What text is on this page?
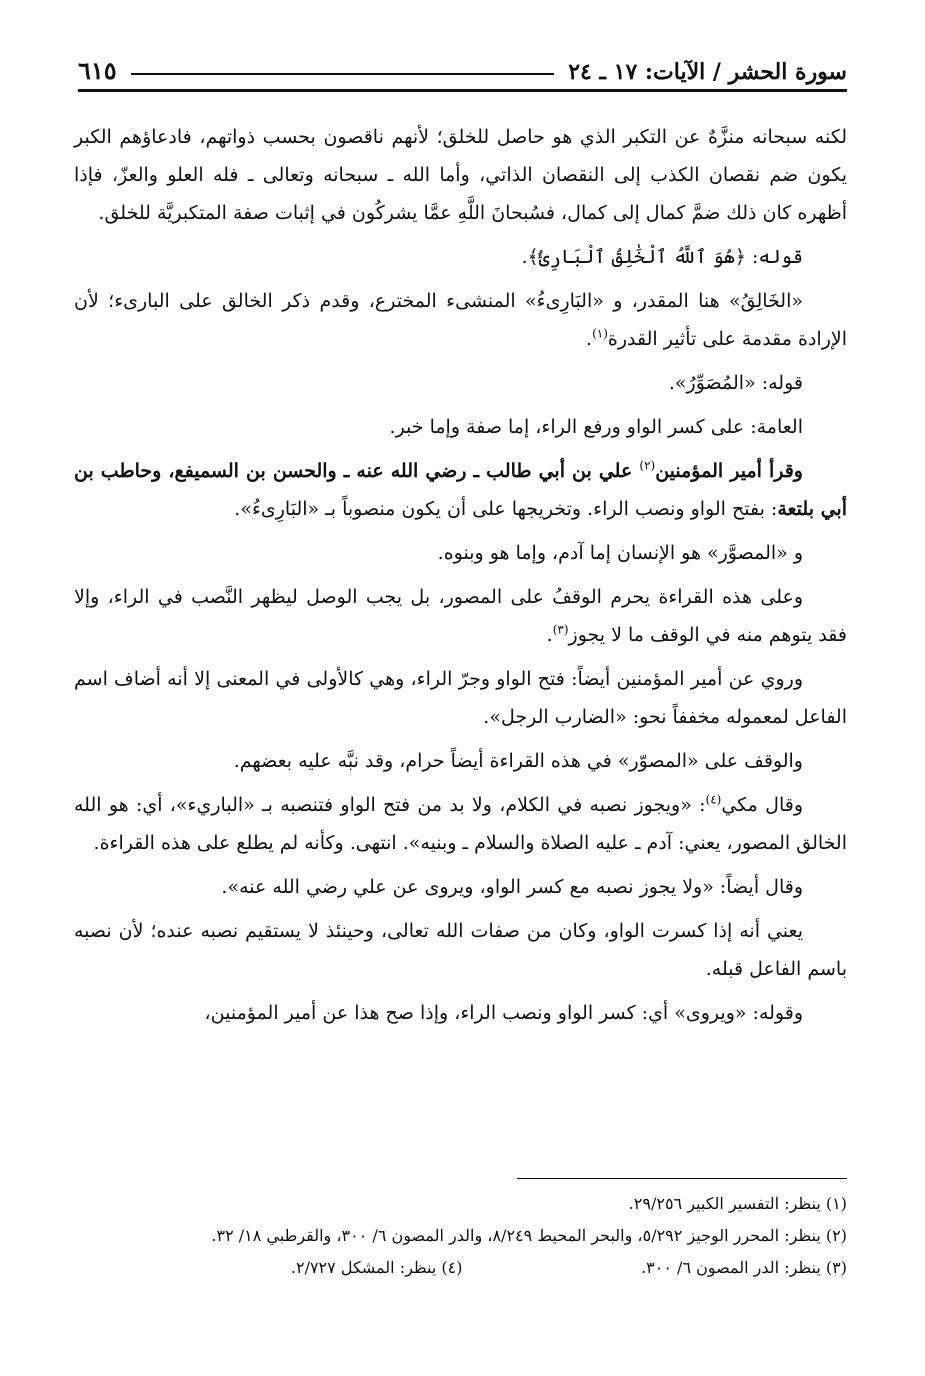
سورة الحشر / الآيات: ١٧ ـ ٢٤
٦١٥

لكنه سبحانه منزَّهٌ عن التكبر الذي هو حاصل للخلق؛ لأنهم ناقصون بحسب ذواتهم، فادعاؤهم الكبر يكون ضم نقصان الكذب إلى النقصان الذاتي، وأما الله ـ سبحانه وتعالى ـ فله العلو والعزّ، فإذا أظهره كان ذلك ضمَّ كمال إلى كمال، فسُبحانَ اللَّهِ عمَّا يشركُون في إثبات صفة المتكبريَّة للخلق.

قوله: ﴿هُوَ ٱللَّهُ ٱلْخَٰلِقُ ٱلْبَارِئُ﴾.

«الخَالِقُ» هنا المقدر، و «البَارِىءُ» المنشىء المخترع، وقدم ذكر الخالق على البارىء؛ لأن الإرادة مقدمة على تأثير القدرة$^{(١)}$.

قوله: «المُصَوِّرُ».

العامة: على كسر الواو ورفع الراء، إما صفة وإما خبر.

وقرأ أمير المؤمنين$^{(٢)}$ علي بن أبي طالب ـ رضي الله عنه ـ والحسن بن السميفع، وحاطب بن أبي بلتعة: بفتح الواو ونصب الراء. وتخريجها على أن يكون منصوباً بـ «البَارِىءُ».

و «المصوَّر» هو الإنسان إما آدم، وإما هو وبنوه.

وعلى هذه القراءة يحرم الوقفُ على المصور، بل يجب الوصل ليظهر النَّصب في الراء، وإلا فقد يتوهم منه في الوقف ما لا يجوز$^{(٣)}$.

وروي عن أمير المؤمنين أيضاً: فتح الواو وجرّ الراء، وهي كالأولى في المعنى إلا أنه أضاف اسم الفاعل لمعموله مخففاً نحو: «الضارب الرجل».

والوقف على «المصوّر» في هذه القراءة أيضاً حرام، وقد نبَّه عليه بعضهم.

وقال مكي$^{(٤)}$: «ويجوز نصبه في الكلام، ولا بد من فتح الواو فتنصبه بـ «الباريء»، أي: هو الله الخالق المصور، يعني: آدم ـ عليه الصلاة والسلام ـ وبنيه». انتهى. وكأنه لم يطلع على هذه القراءة.

وقال أيضاً: «ولا يجوز نصبه مع كسر الواو، ويروى عن علي رضي الله عنه».

يعني أنه إذا كسرت الواو، وكان من صفات الله تعالى، وحينئذ لا يستقيم نصبه عنده؛ لأن نصبه باسم الفاعل قبله.

وقوله: «ويروى» أي: كسر الواو ونصب الراء، وإذا صح هذا عن أمير المؤمنين،

(١) ينظر: التفسير الكبير ٢٩/٢٥٦.

(٢) ينظر: المحرر الوجيز ٥/٢٩٢، والبحر المحيط ٨/٢٤٩، والدر المصون ٦/ ٣٠٠، والقرطبي ١٨/ ٣٢.

(٣) ينظر: الدر المصون ٦/ ٣٠٠.

(٤) ينظر: المشكل ٢/٧٢٧.
